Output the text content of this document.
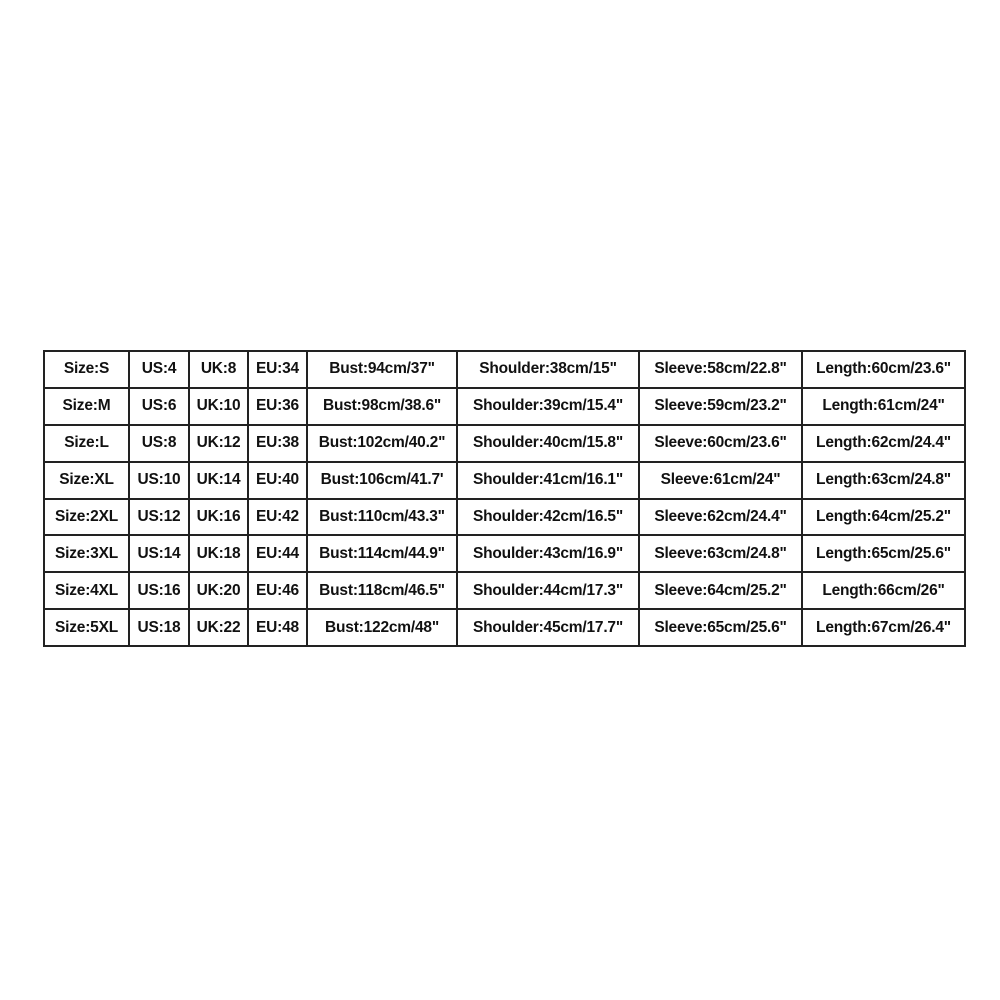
Size:S	US:4	UK:8	EU:34	Bust:94cm/37"	Shoulder:38cm/15"	Sleeve:58cm/22.8"	Length:60cm/23.6"
Size:M	US:6	UK:10	EU:36	Bust:98cm/38.6"	Shoulder:39cm/15.4"	Sleeve:59cm/23.2"	Length:61cm/24"
Size:L	US:8	UK:12	EU:38	Bust:102cm/40.2"	Shoulder:40cm/15.8"	Sleeve:60cm/23.6"	Length:62cm/24.4"
Size:XL	US:10	UK:14	EU:40	Bust:106cm/41.7'	Shoulder:41cm/16.1"	Sleeve:61cm/24"	Length:63cm/24.8"
Size:2XL	US:12	UK:16	EU:42	Bust:110cm/43.3"	Shoulder:42cm/16.5"	Sleeve:62cm/24.4"	Length:64cm/25.2"
Size:3XL	US:14	UK:18	EU:44	Bust:114cm/44.9"	Shoulder:43cm/16.9"	Sleeve:63cm/24.8"	Length:65cm/25.6"
Size:4XL	US:16	UK:20	EU:46	Bust:118cm/46.5"	Shoulder:44cm/17.3"	Sleeve:64cm/25.2"	Length:66cm/26"
Size:5XL	US:18	UK:22	EU:48	Bust:122cm/48"	Shoulder:45cm/17.7"	Sleeve:65cm/25.6"	Length:67cm/26.4"
